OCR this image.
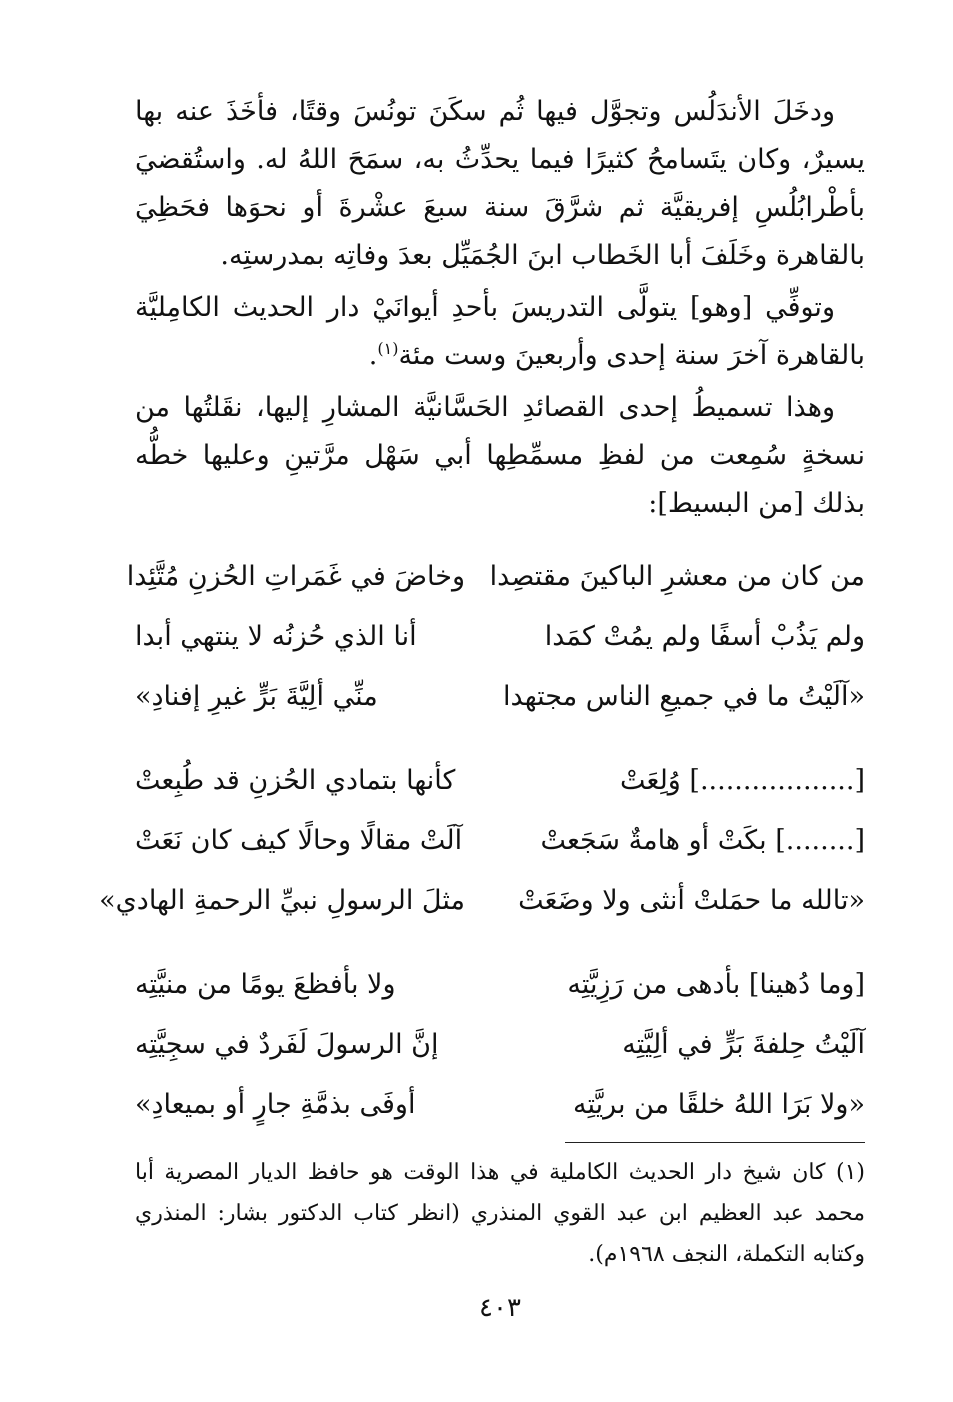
ودخَلَ الأندَلُس وتجوَّل فيها ثُم سكَنَ تونُسَ وقتًا، فأخَذَ عنه بها يسيرٌ، وكان يتَسامحُ كثيرًا فيما يحدِّثُ به، سمَحَ اللهُ له. واستُقضيَ بأطْرابُلُسِ إفريقيَّة ثم شرَّقَ سنة سبعَ عشْرةَ أو نحوَها فحَظِيَ بالقاهرة وخَلَفَ أبا الخَطاب ابنَ الجُمَيِّل بعدَ وفاتِه بمدرستِه.

وتوفِّي [وهو] يتولَّى التدريسَ بأحدِ أيوانَيْ دار الحديث الكامِليَّة بالقاهرة آخرَ سنة إحدى وأربعينَ وست مئة$^{(١)}$.

وهذا تسميطُ إحدى القصائدِ الحَسَّانيَّة المشارِ إليها، نقَلتُها من نسخةٍ سُمِعت من لفظِ مسمِّطِها أبي سَهْل مرَّتينِ وعليها خطُّه بذلك [من البسيط]:

من كان من معشرِ الباكينَ مقتصِدا
وخاضَ في غَمَراتِ الحُزنِ مُتَّئِدا
ولم يَذُبْ أسفًا ولم يمُتْ كمَدا
أنا الذي حُزنُه لا ينتهي أبدا
«آلَيْتُ ما في جميعِ الناس مجتهدا
منِّي ألِيَّةَ بَرٍّ غيرِ إفنادِ»
[..................] وُلِعَتْ
كأنها بتمادي الحُزنِ قد طُبِعتْ
[........] بكَتْ أو هامةٌ سَجَعتْ
آلَتْ مقالًا وحالًا كيف كان نَعَتْ
«تالله ما حمَلتْ أنثى ولا وضَعَتْ
مثلَ الرسولِ نبيِّ الرحمةِ الهادي»
[وما دُهينا] بأدهى من رَزِيَّتِه
ولا بأفظعَ يومًا من منيَّتِه
آلَيْتُ حِلفةَ بَرٍّ في ألِيَّتِه
إنَّ الرسولَ لَفَردٌ في سجِيَّتِه
«ولا بَرَا اللهُ خلقًا من بريَّتِه
أوفَى بذمَّةِ جارٍ أو بميعادِ»

(١) كان شيخ دار الحديث الكاملية في هذا الوقت هو حافظ الديار المصرية أبا محمد عبد العظيم ابن عبد القوي المنذري (انظر كتاب الدكتور بشار: المنذري وكتابه التكملة، النجف ١٩٦٨م).

٤٠٣
